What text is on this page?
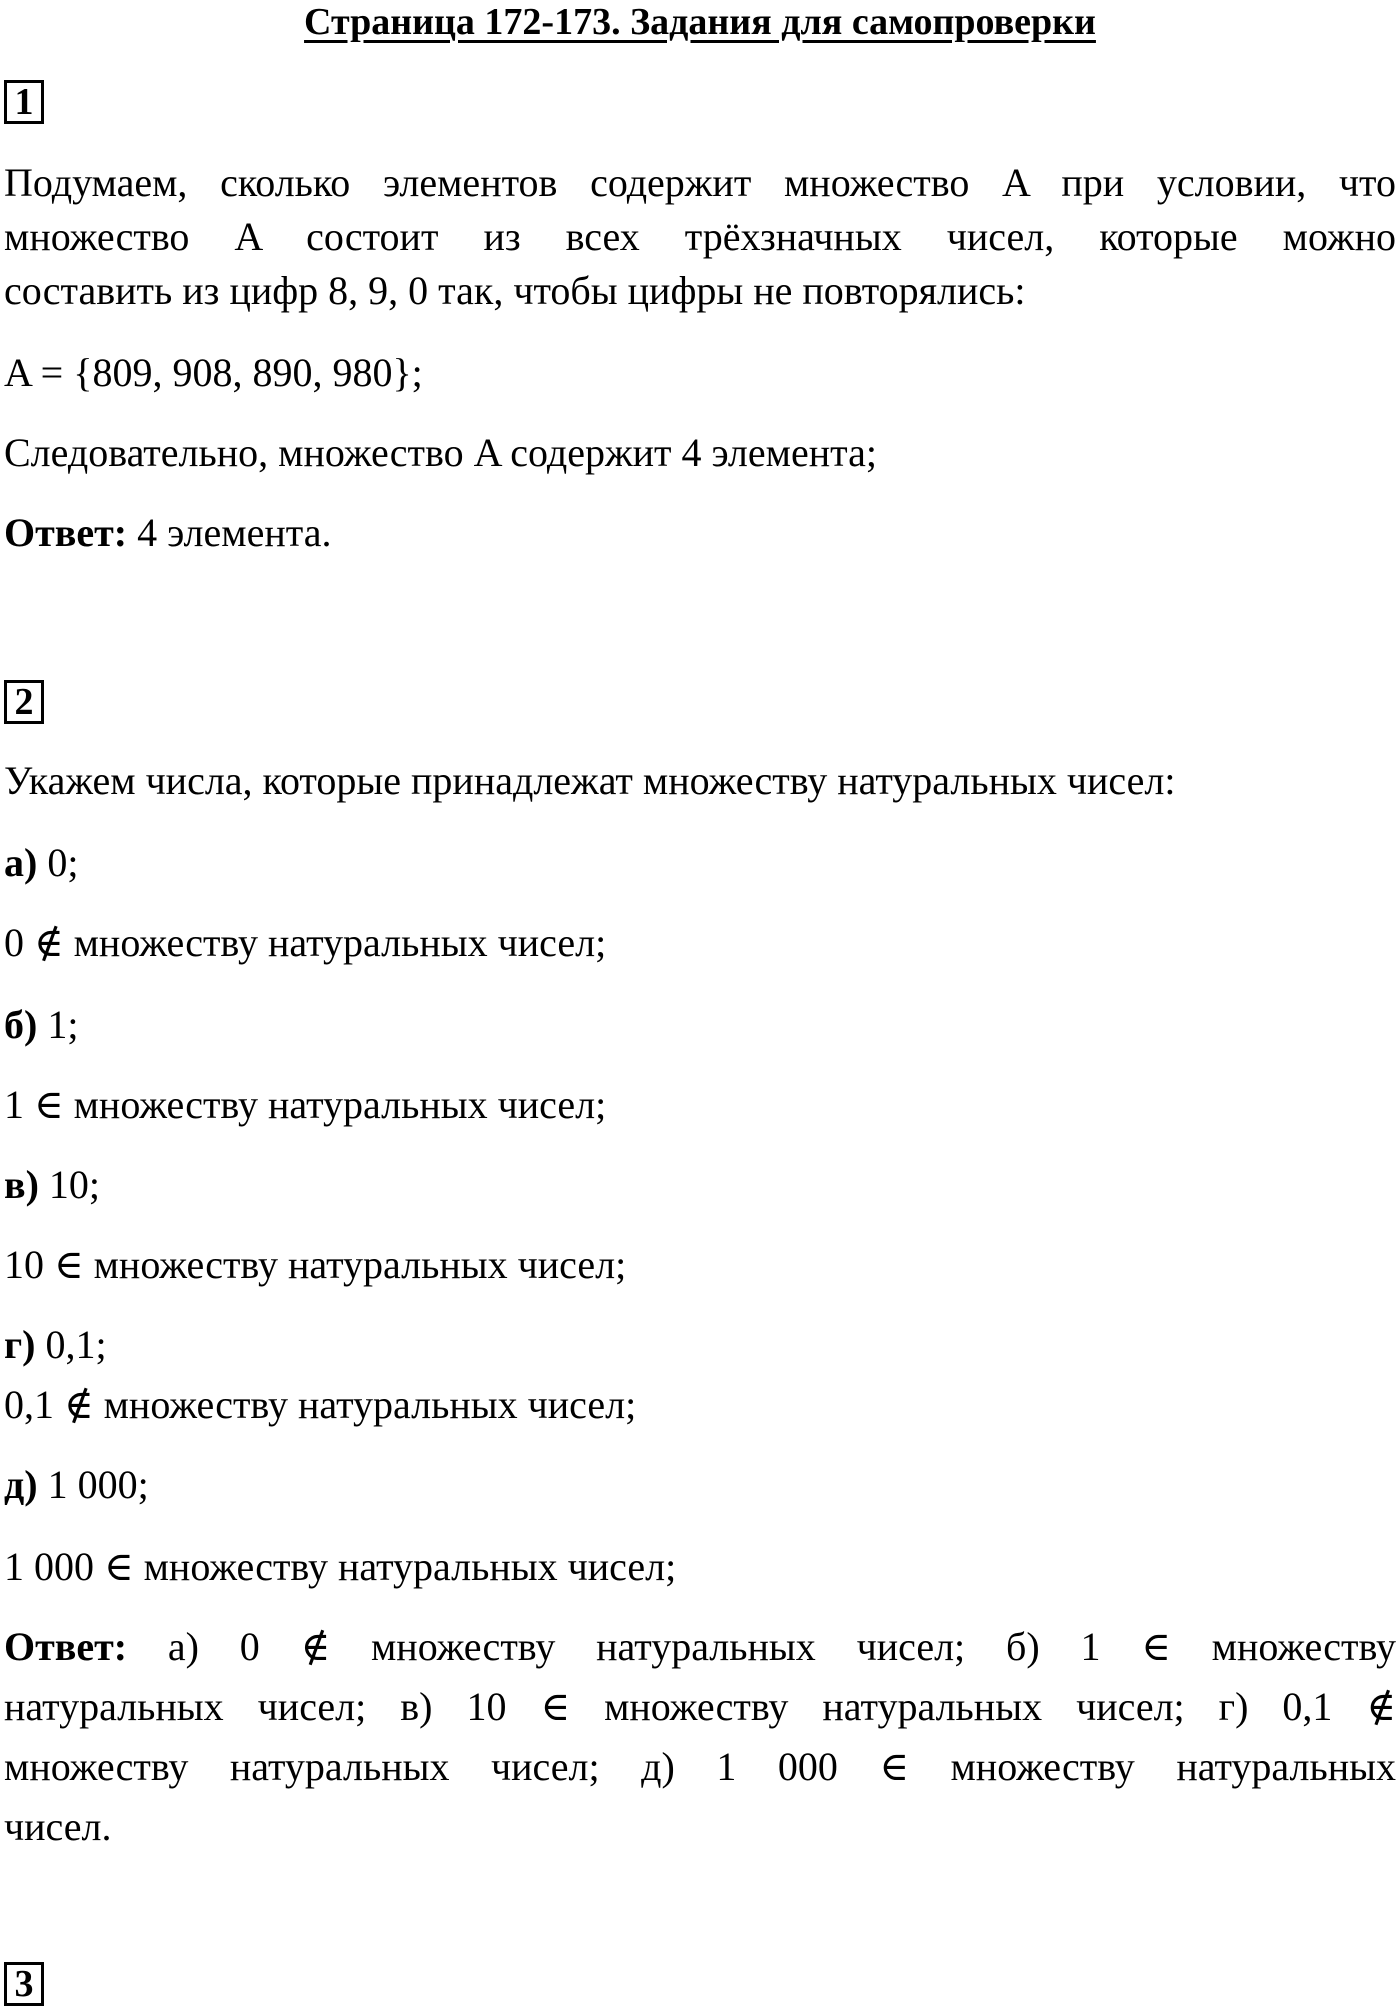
Страница 172-173. Задания для самопроверки
1
Подумаем, сколько элементов содержит множество A при условии, что
множество A состоит из всех трёхзначных чисел, которые можно
составить из цифр 8, 9, 0 так, чтобы цифры не повторялись:
A = {809, 908, 890, 980};
Следовательно, множество A содержит 4 элемента;
Ответ: 4 элемента.
2
Укажем числа, которые принадлежат множеству натуральных чисел:
а) 0;
0 ∉ множеству натуральных чисел;
б) 1;
1 ∈ множеству натуральных чисел;
в) 10;
10 ∈ множеству натуральных чисел;
г) 0,1;
0,1 ∉ множеству натуральных чисел;
д) 1 000;
1 000 ∈ множеству натуральных чисел;
Ответ: а) 0 ∉ множеству натуральных чисел; б) 1 ∈ множеству
натуральных чисел; в) 10 ∈ множеству натуральных чисел; г) 0,1 ∉
множеству натуральных чисел; д) 1 000 ∈ множеству натуральных
чисел.
3
